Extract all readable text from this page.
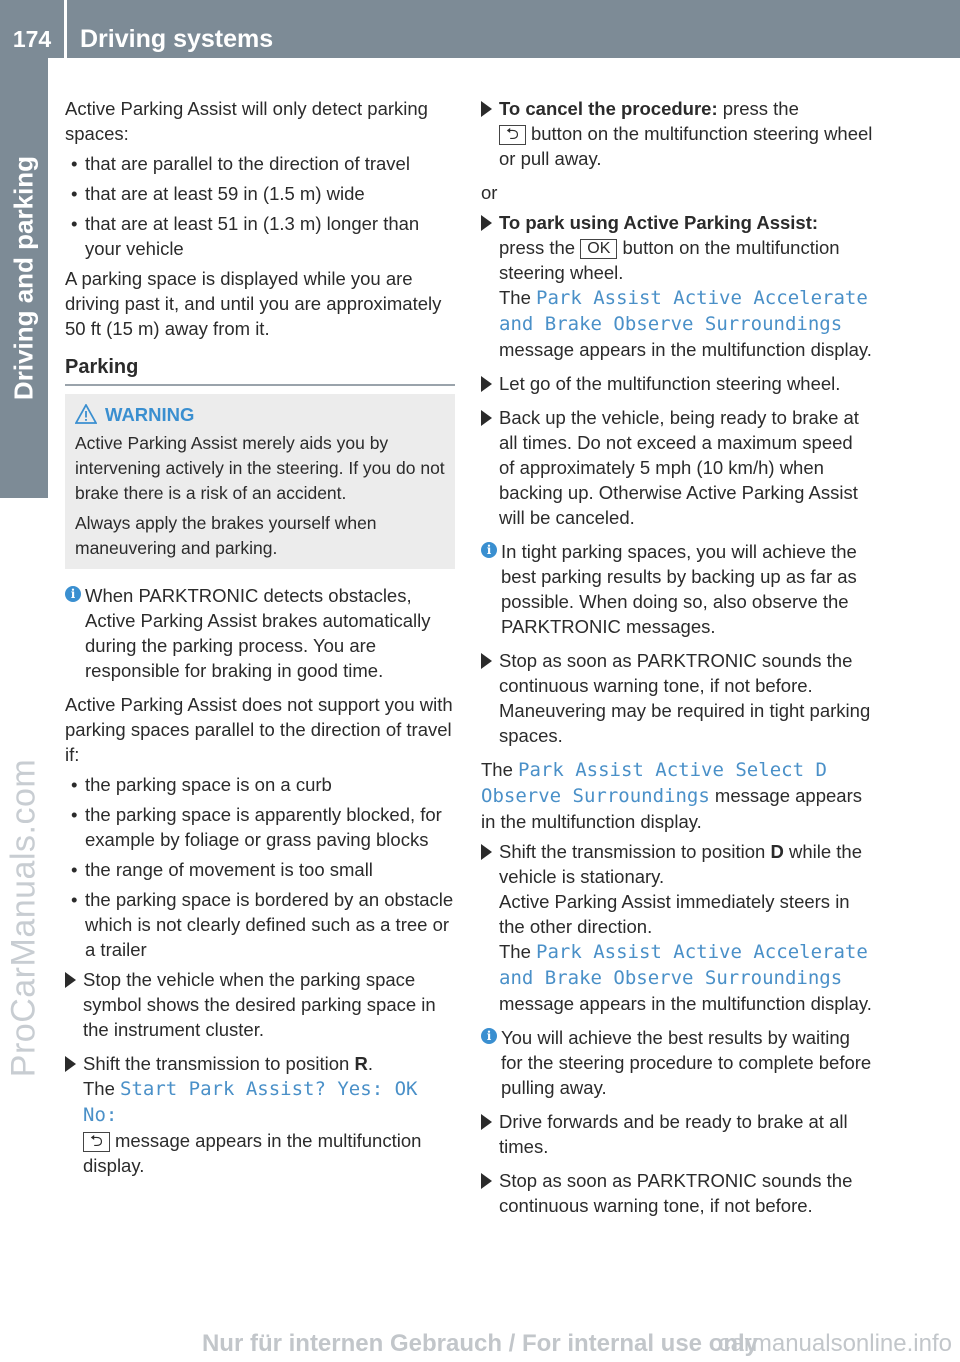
174	Driving systems
Driving and parking
ProCarManuals.com

Active Parking Assist will only detect parking spaces:

• that are parallel to the direction of travel
• that are at least 59 in (1.5 m) wide
• that are at least 51 in (1.3 m) longer than your vehicle

A parking space is displayed while you are driving past it, and until you are approximately 50 ft (15 m) away from it.

Parking
WARNING

Active Parking Assist merely aids you by intervening actively in the steering. If you do not brake there is a risk of an accident.

Always apply the brakes yourself when maneuvering and parking.

i When PARKTRONIC detects obstacles, Active Parking Assist brakes automatically during the parking process. You are responsible for braking in good time.

Active Parking Assist does not support you with parking spaces parallel to the direction of travel if:

• the parking space is on a curb
• the parking space is apparently blocked, for example by foliage or grass paving blocks
• the range of movement is too small
• the parking space is bordered by an obstacle which is not clearly defined such as a tree or a trailer
Stop the vehicle when the parking space symbol shows the desired parking space in the instrument cluster.
Shift the transmission to position R.
The Start Park Assist? Yes: OK No:
⮌ message appears in the multifunction display.
To cancel the procedure: press the
⮌ button on the multifunction steering wheel or pull away.

or

To park using Active Parking Assist:
press the OK button on the multifunction steering wheel.
The Park Assist Active Accelerate and Brake Observe Surroundings
message appears in the multifunction display.
Let go of the multifunction steering wheel.
Back up the vehicle, being ready to brake at all times. Do not exceed a maximum speed of approximately 5 mph (10 km/h) when backing up. Otherwise Active Parking Assist will be canceled.
i In tight parking spaces, you will achieve the best parking results by backing up as far as possible. When doing so, also observe the PARKTRONIC messages.
Stop as soon as PARKTRONIC sounds the continuous warning tone, if not before. Maneuvering may be required in tight parking spaces.

The Park Assist Active Select D Observe Surroundings message appears in the multifunction display.

Shift the transmission to position D while the vehicle is stationary.
Active Parking Assist immediately steers in the other direction.
The Park Assist Active Accelerate and Brake Observe Surroundings
message appears in the multifunction display.
i You will achieve the best results by waiting for the steering procedure to complete before pulling away.
Drive forwards and be ready to brake at all times.
Stop as soon as PARKTRONIC sounds the continuous warning tone, if not before.
Nur für internen Gebrauch / For internal use only
carmanualsonline.info
